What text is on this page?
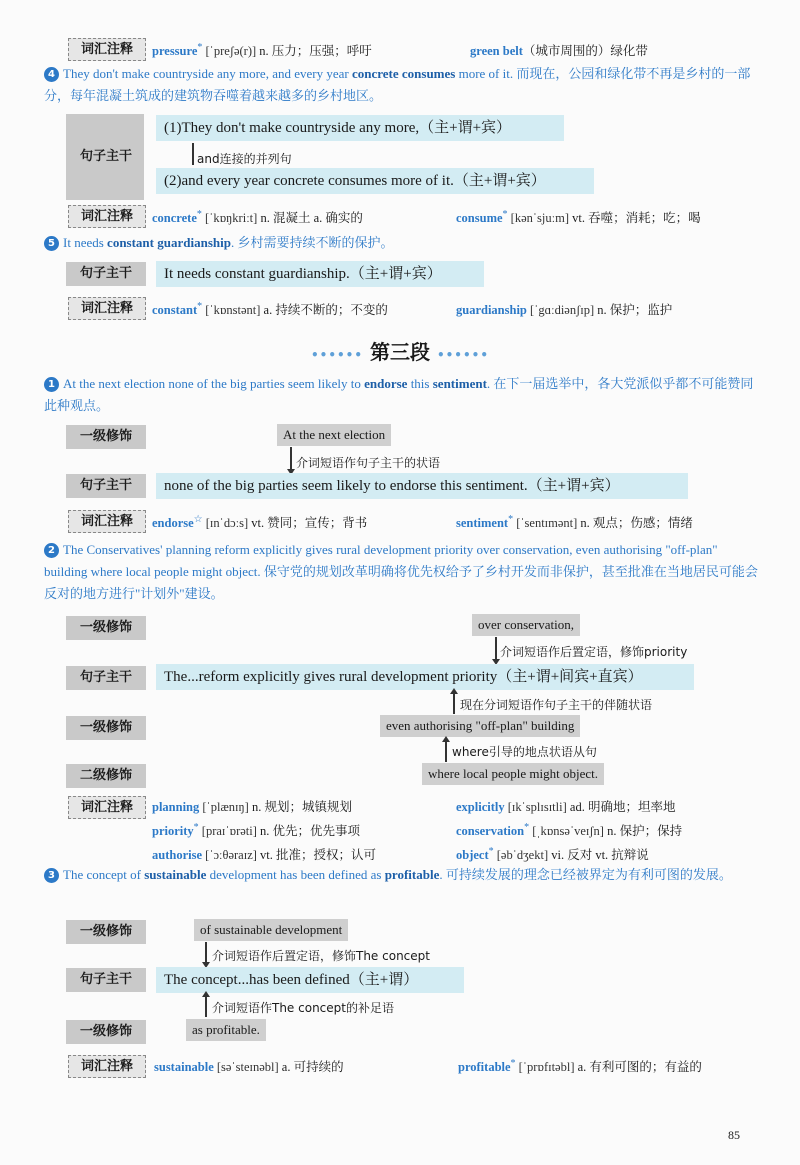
词汇注释	pressure* [ˈpreʃə(r)] n. 压力；压强；呼吁	green belt（城市周围的）绿化带
4 They don't make countryside any more, and every year concrete consumes more of it. 而现在，公园和绿化带不再是乡村的一部分，每年混凝土筑成的建筑物吞噬着越来越多的乡村地区。
句子主干
(1)They don't make countryside any more,（主+谓+宾）
and连接的并列句
(2)and every year concrete consumes more of it.（主+谓+宾）
词汇注释	concrete* [ˈkɒŋkriːt] n. 混凝土 a. 确实的	consume* [kənˈsjuːm] vt. 吞噬；消耗；吃；喝
5 It needs constant guardianship. 乡村需要持续不断的保护。
句子主干	It needs constant guardianship.（主+谓+宾）
词汇注释	constant* [ˈkɒnstənt] a. 持续不断的；不变的	guardianship [ˈgɑːdiənʃɪp] n. 保护；监护
•••••• 第三段 ••••••
1 At the next election none of the big parties seem likely to endorse this sentiment. 在下一届选举中，各大党派似乎都不可能赞同此种观点。
一级修饰	At the next election
介词短语作句子主干的状语
句子主干	none of the big parties seem likely to endorse this sentiment.（主+谓+宾）
词汇注释	endorse☆ [ɪnˈdɔːs] vt. 赞同；宣传；背书	sentiment* [ˈsentɪmənt] n. 观点；伤感；情绪
2 The Conservatives' planning reform explicitly gives rural development priority over conservation, even authorising "off-plan" building where local people might object. 保守党的规划改革明确将优先权给予了乡村开发而非保护，甚至批准在当地居民可能会反对的地方进行"计划外"建设。
一级修饰	over conservation,
介词短语作后置定语，修饰priority
句子主干	The...reform explicitly gives rural development priority（主+谓+间宾+直宾）
现在分词短语作句子主干的伴随状语
一级修饰	even authorising "off-plan" building
where引导的地点状语从句
二级修饰	where local people might object.
词汇注释	planning [ˈplænɪŋ] n. 规划；城镇规划	explicitly [ɪkˈsplɪsɪtli] ad. 明确地；坦率地
priority* [praɪˈɒrəti] n. 优先；优先事项	conservation* [ˌkɒnsəˈveɪʃn] n. 保护；保持
authorise [ˈɔːθəraɪz] vt. 批准；授权；认可	object* [əbˈdʒekt] vi. 反对 vt. 抗辩说
3 The concept of sustainable development has been defined as profitable. 可持续发展的理念已经被界定为有利可图的发展。
一级修饰	of sustainable development
介词短语作后置定语，修饰The concept
句子主干	The concept...has been defined（主+谓）
介词短语作The concept的补足语
一级修饰	as profitable.
词汇注释	sustainable [səˈsteɪnəbl] a. 可持续的	profitable* [ˈprɒfɪtəbl] a. 有利可图的；有益的
85
